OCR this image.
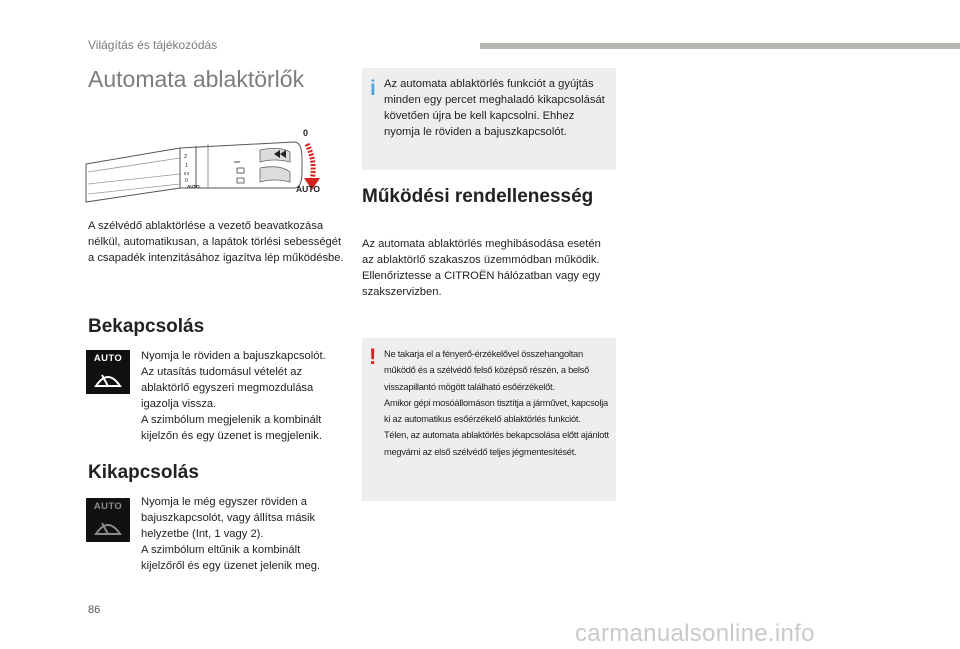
Világítás és tájékozódás
Automata ablaktörlők
2
1
Int
0
AUTO
0
AUTO
A szélvédő ablaktörlése a vezető beavatkozása nélkül, automatikusan, a lapátok törlési sebességét a csapadék intenzitásához igazítva lép működésbe.
Bekapcsolás
AUTO	Nyomja le röviden a bajuszkapcsolót.
Az utasítás tudomásul vételét az ablaktörlő egyszeri megmozdulása igazolja vissza.
A szimbólum megjelenik a kombinált kijelzőn és egy üzenet is megjelenik.
Kikapcsolás
AUTO	Nyomja le még egyszer röviden a bajuszkapcsolót, vagy állítsa másik helyzetbe (Int, 1 vagy 2).
A szimbólum eltűnik a kombinált kijelzőről és egy üzenet jelenik meg.
i Az automata ablaktörlés funkciót a gyújtás minden egy percet meghaladó kikapcsolását követően újra be kell kapcsolni. Ehhez nyomja le röviden a bajuszkapcsolót.
Működési rendellenesség
Az automata ablaktörlés meghibásodása esetén az ablaktörlő szakaszos üzemmódban működik.
Ellenőriztesse a CITROËN hálózatban vagy egy szakszervizben.
! Ne takarja el a fényerő-érzékelővel összehangoltan működő és a szélvédő felső középső részén, a belső visszapillantó mögött található esőérzékelőt.
Amikor gépi mosóállomáson tisztítja a járművet, kapcsolja ki az automatikus esőérzékelő ablaktörlés funkciót.
Télen, az automata ablaktörlés bekapcsolása előtt ajánlott megvárni az első szélvédő teljes jégmentesítését.
86
carmanualsonline.info
